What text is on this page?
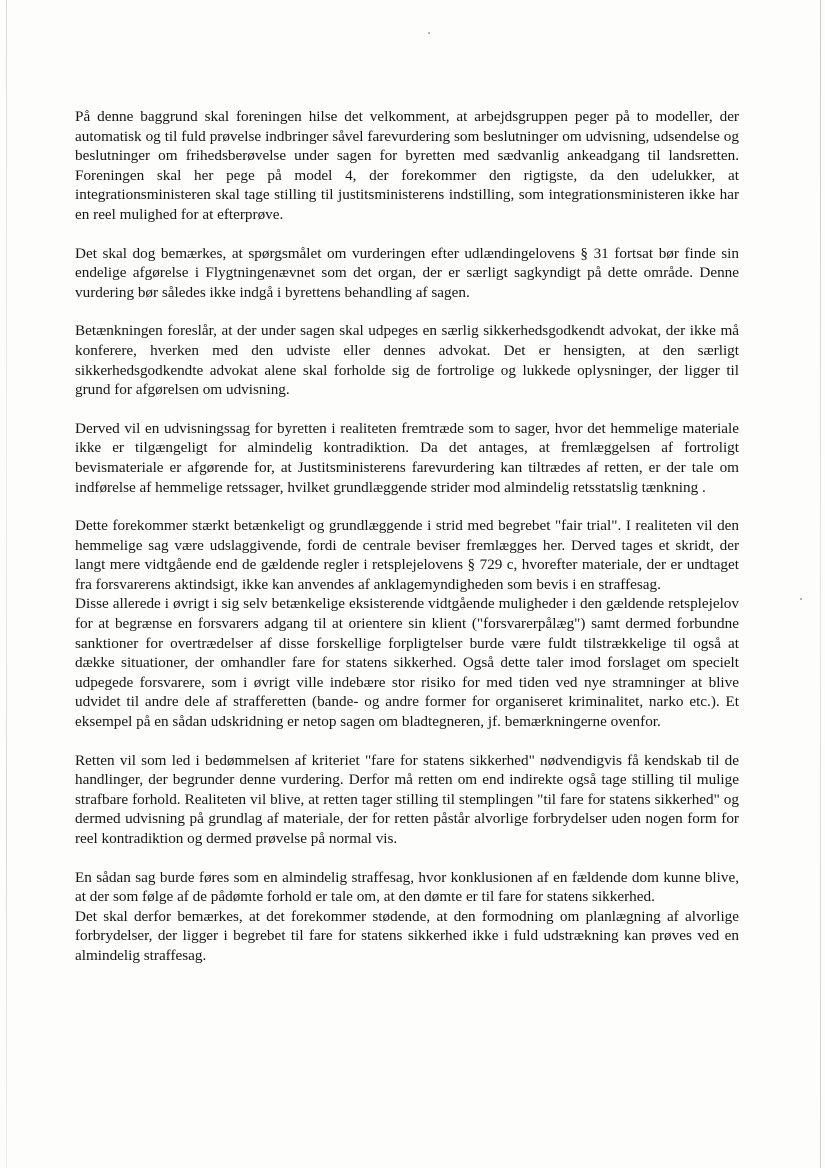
På denne baggrund skal foreningen hilse det velkomment, at arbejdsgruppen peger på to modeller, der automatisk og til fuld prøvelse indbringer såvel farevurdering som beslutninger om udvisning, udsendelse og beslutninger om frihedsberøvelse under sagen for byretten med sædvanlig ankeadgang til landsretten. Foreningen skal her pege på model 4, der forekommer den rigtigste, da den udelukker, at integrationsministeren skal tage stilling til justitsministerens indstilling, som integrationsministeren ikke har en reel mulighed for at efterprøve.

Det skal dog bemærkes, at spørgsmålet om vurderingen efter udlændingelovens § 31 fortsat bør finde sin endelige afgørelse i Flygtningenævnet som det organ, der er særligt sagkyndigt på dette område. Denne vurdering bør således ikke indgå i byrettens behandling af sagen.

Betænkningen foreslår, at der under sagen skal udpeges en særlig sikkerhedsgodkendt advokat, der ikke må konferere, hverken med den udviste eller dennes advokat. Det er hensigten, at den særligt sikkerhedsgodkendte advokat alene skal forholde sig de fortrolige og lukkede oplysninger, der ligger til grund for afgørelsen om udvisning.

Derved vil en udvisningssag for byretten i realiteten fremtræde som to sager, hvor det hemmelige materiale ikke er tilgængeligt for almindelig kontradiktion. Da det antages, at fremlæggelsen af fortroligt bevismateriale er afgørende for, at Justitsministerens farevurdering kan tiltrædes af retten, er der tale om indførelse af hemmelige retssager, hvilket grundlæggende strider mod almindelig retsstatslig tænkning .

Dette forekommer stærkt betænkeligt og grundlæggende i strid med begrebet "fair trial". I realiteten vil den hemmelige sag være udslaggivende, fordi de centrale beviser fremlægges her. Derved tages et skridt, der langt mere vidtgående end de gældende regler i retsplejelovens § 729 c, hvorefter materiale, der er undtaget fra forsvarerens aktindsigt, ikke kan anvendes af anklagemyndigheden som bevis i en straffesag.

Disse allerede i øvrigt i sig selv betænkelige eksisterende vidtgående muligheder i den gældende retsplejelov for at begrænse en forsvarers adgang til at orientere sin klient ("forsvarerpålæg") samt dermed forbundne sanktioner for overtrædelser af disse forskellige forpligtelser burde være fuldt tilstrækkelige til også at dække situationer, der omhandler fare for statens sikkerhed. Også dette taler imod forslaget om specielt udpegede forsvarere, som i øvrigt ville indebære stor risiko for med tiden ved nye stramninger at blive udvidet til andre dele af strafferetten (bande- og andre former for organiseret kriminalitet, narko etc.). Et eksempel på en sådan udskridning er netop sagen om bladtegneren, jf. bemærkningerne ovenfor.

Retten vil som led i bedømmelsen af kriteriet "fare for statens sikkerhed" nødvendigvis få kendskab til de handlinger, der begrunder denne vurdering. Derfor må retten om end indirekte også tage stilling til mulige strafbare forhold. Realiteten vil blive, at retten tager stilling til stemplingen "til fare for statens sikkerhed" og dermed udvisning på grundlag af materiale, der for retten påstår alvorlige forbrydelser uden nogen form for reel kontradiktion og dermed prøvelse på normal vis.

En sådan sag burde føres som en almindelig straffesag, hvor konklusionen af en fældende dom kunne blive, at der som følge af de pådømte forhold er tale om, at den dømte er til fare for statens sikkerhed.

Det skal derfor bemærkes, at det forekommer stødende, at den formodning om planlægning af alvorlige forbrydelser, der ligger i begrebet til fare for statens sikkerhed ikke i fuld udstrækning kan prøves ved en almindelig straffesag.
